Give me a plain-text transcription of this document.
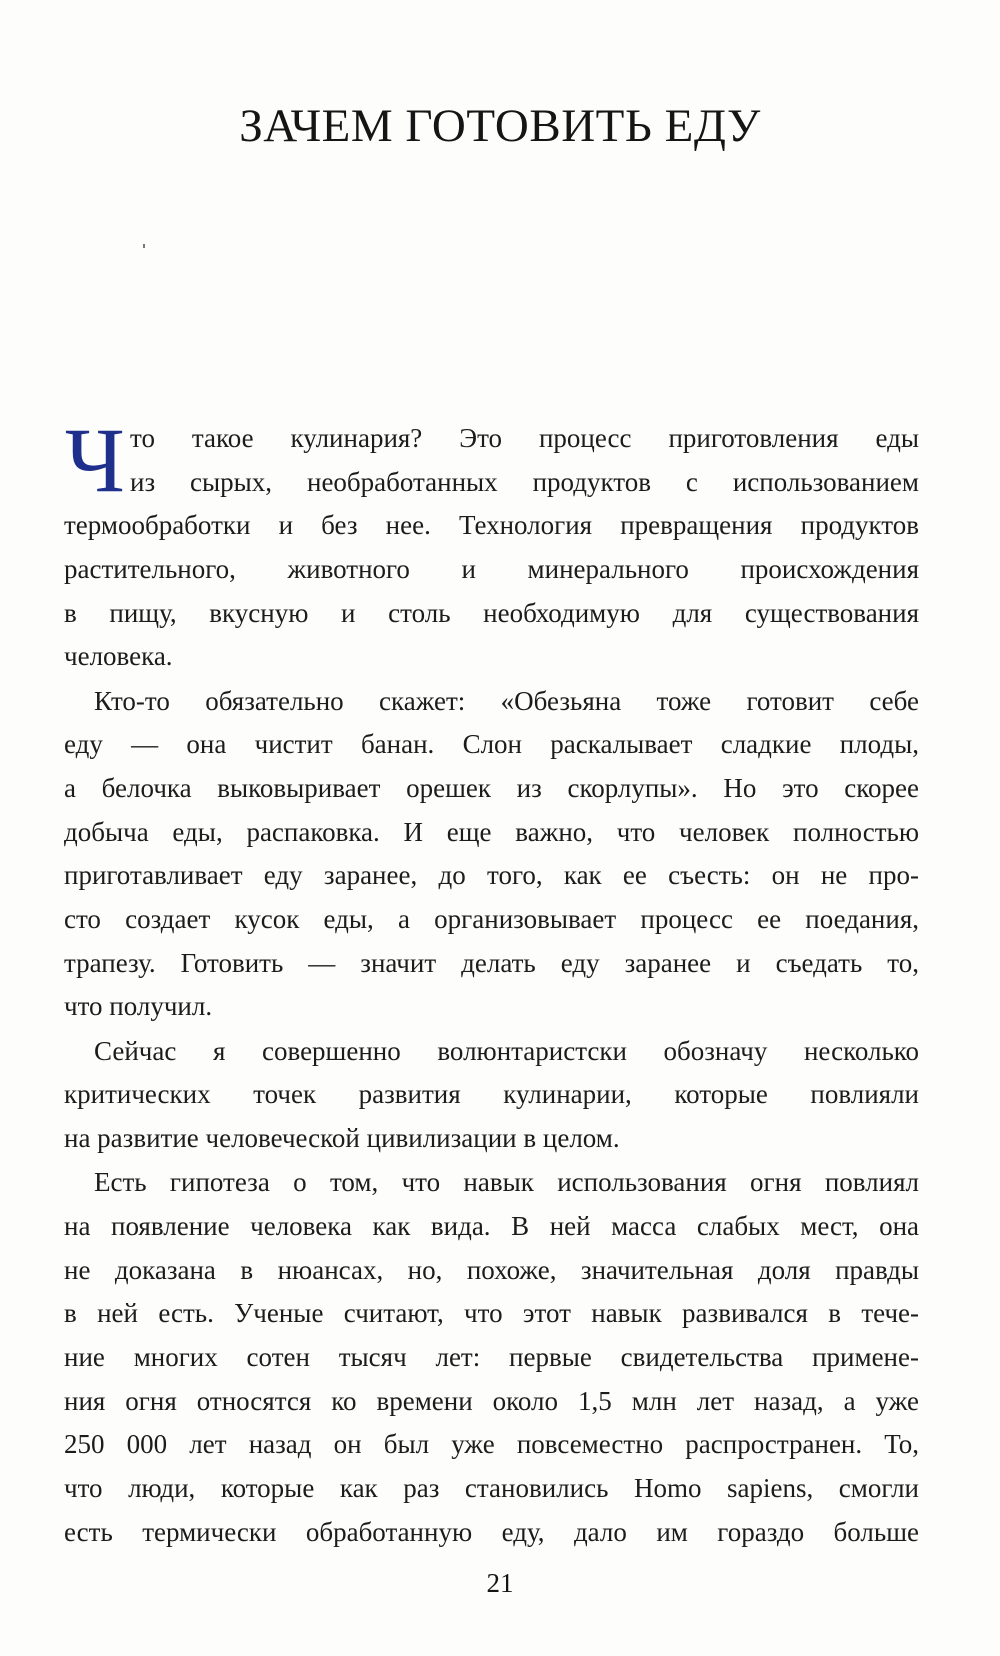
ЗАЧЕМ ГОТОВИТЬ ЕДУ
Ч то такое кулинария? Это процесс приготовления еды
из сырых, необработанных продуктов с использованием
термообработки и без нее. Технология превращения продуктов
растительного, животного и минерального происхождения
в пищу, вкусную и столь необходимую для существования
человека.
Кто-то обязательно скажет: «Обезьяна тоже готовит себе
еду — она чистит банан. Слон раскалывает сладкие плоды,
а белочка выковыривает орешек из скорлупы». Но это скорее
добыча еды, распаковка. И еще важно, что человек полностью
приготавливает еду заранее, до того, как ее съесть: он не про-
сто создает кусок еды, а организовывает процесс ее поедания,
трапезу. Готовить — значит делать еду заранее и съедать то,
что получил.
Сейчас я совершенно волюнтаристски обозначу несколько
критических точек развития кулинарии, которые повлияли
на развитие человеческой цивилизации в целом.
Есть гипотеза о том, что навык использования огня повлиял
на появление человека как вида. В ней масса слабых мест, она
не доказана в нюансах, но, похоже, значительная доля правды
в ней есть. Ученые считают, что этот навык развивался в тече-
ние многих сотен тысяч лет: первые свидетельства примене-
ния огня относятся ко времени около 1,5 млн лет назад, а уже
250 000 лет назад он был уже повсеместно распространен. То,
что люди, которые как раз становились Homo sapiens, смогли
есть термически обработанную еду, дало им гораздо больше
21
